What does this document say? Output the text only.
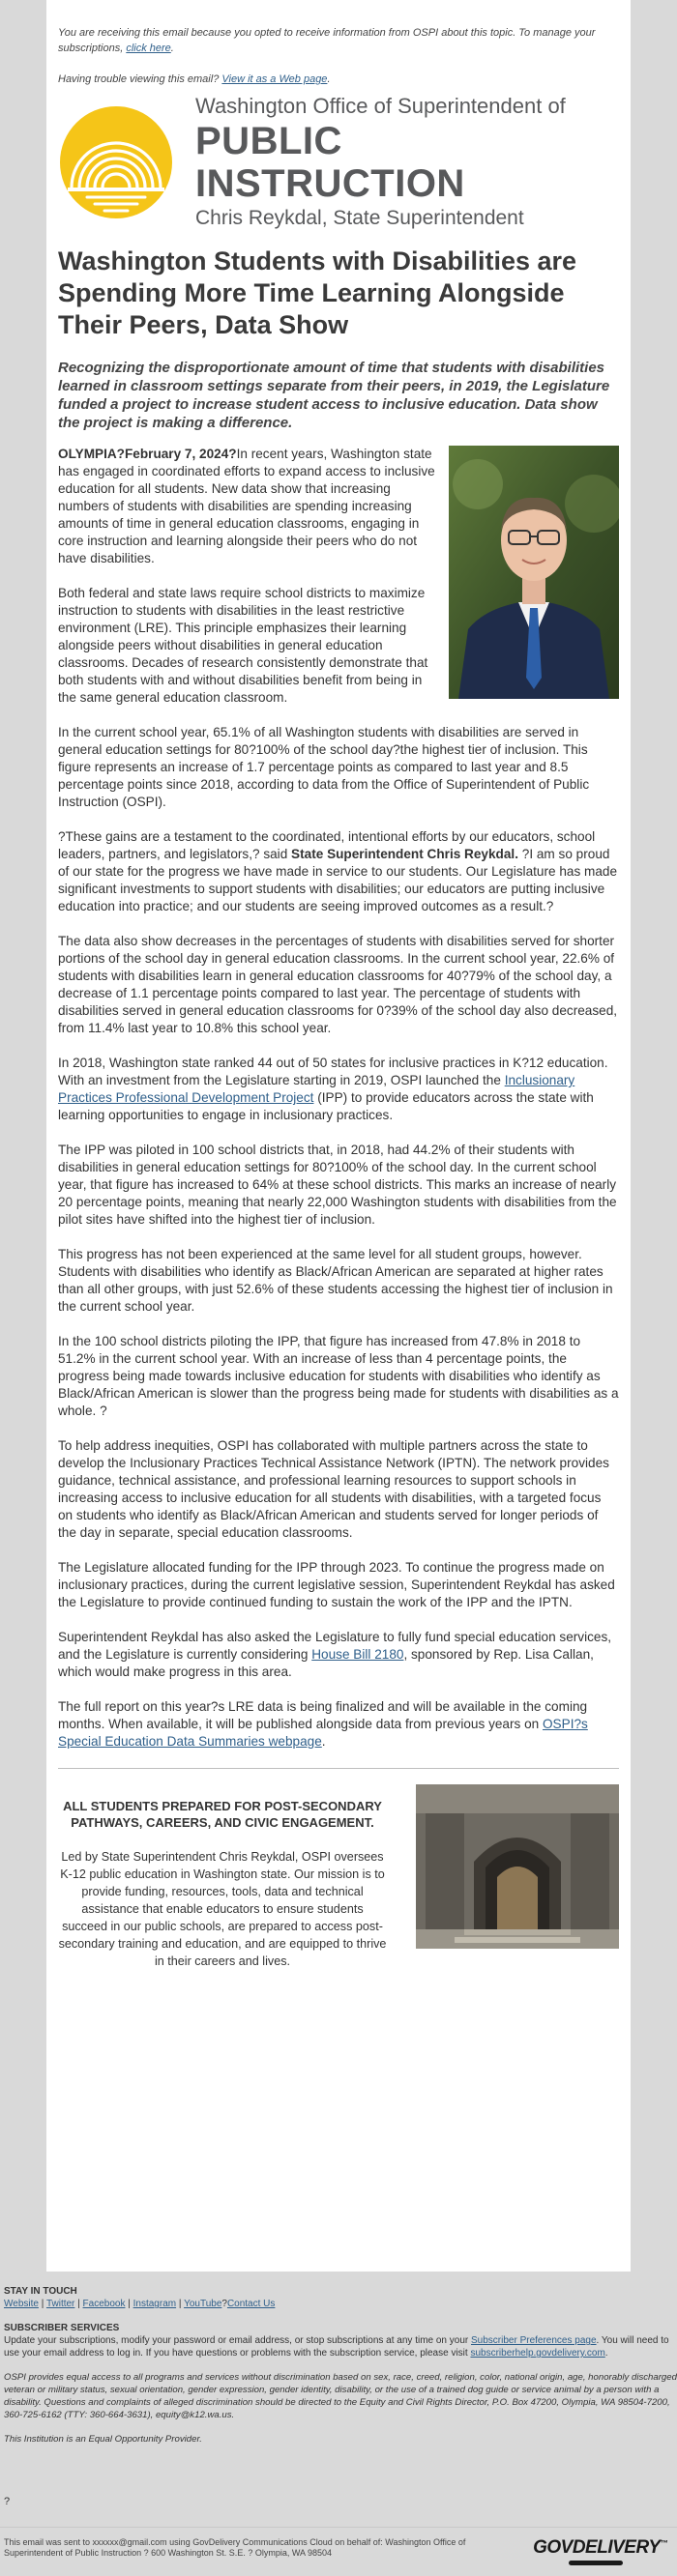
You are receiving this email because you opted to receive information from OSPI about this topic. To manage your subscriptions, click here.

Having trouble viewing this email? View it as a Web page.

Washington Office of Superintendent of
PUBLIC INSTRUCTION
Chris Reykdal, State Superintendent
Washington Students with Disabilities are Spending More Time Learning Alongside Their Peers, Data Show

Recognizing the disproportionate amount of time that students with disabilities learned in classroom settings separate from their peers, in 2019, the Legislature funded a project to increase student access to inclusive education. Data show the project is making a difference.

OLYMPIA?February 7, 2024?In recent years, Washington state has engaged in coordinated efforts to expand access to inclusive education for all students. New data show that increasing numbers of students with disabilities are spending increasing amounts of time in general education classrooms, engaging in core instruction and learning alongside their peers who do not have disabilities.

Both federal and state laws require school districts to maximize instruction to students with disabilities in the least restrictive environment (LRE). This principle emphasizes their learning alongside peers without disabilities in general education classrooms. Decades of research consistently demonstrate that both students with and without disabilities benefit from being in the same general education classroom.

In the current school year, 65.1% of all Washington students with disabilities are served in general education settings for 80?100% of the school day?the highest tier of inclusion. This figure represents an increase of 1.7 percentage points as compared to last year and 8.5 percentage points since 2018, according to data from the Office of Superintendent of Public Instruction (OSPI).

?These gains are a testament to the coordinated, intentional efforts by our educators, school leaders, partners, and legislators,? said State Superintendent Chris Reykdal. ?I am so proud of our state for the progress we have made in service to our students. Our Legislature has made significant investments to support students with disabilities; our educators are putting inclusive education into practice; and our students are seeing improved outcomes as a result.?

The data also show decreases in the percentages of students with disabilities served for shorter portions of the school day in general education classrooms. In the current school year, 22.6% of students with disabilities learn in general education classrooms for 40?79% of the school day, a decrease of 1.1 percentage points compared to last year. The percentage of students with disabilities served in general education classrooms for 0?39% of the school day also decreased, from 11.4% last year to 10.8% this school year.

In 2018, Washington state ranked 44 out of 50 states for inclusive practices in K?12 education. With an investment from the Legislature starting in 2019, OSPI launched the Inclusionary Practices Professional Development Project (IPP) to provide educators across the state with learning opportunities to engage in inclusionary practices.

The IPP was piloted in 100 school districts that, in 2018, had 44.2% of their students with disabilities in general education settings for 80?100% of the school day. In the current school year, that figure has increased to 64% at these school districts. This marks an increase of nearly 20 percentage points, meaning that nearly 22,000 Washington students with disabilities from the pilot sites have shifted into the highest tier of inclusion.

This progress has not been experienced at the same level for all student groups, however. Students with disabilities who identify as Black/African American are separated at higher rates than all other groups, with just 52.6% of these students accessing the highest tier of inclusion in the current school year.

In the 100 school districts piloting the IPP, that figure has increased from 47.8% in 2018 to 51.2% in the current school year. With an increase of less than 4 percentage points, the progress being made towards inclusive education for students with disabilities who identify as Black/African American is slower than the progress being made for students with disabilities as a whole. ?

To help address inequities, OSPI has collaborated with multiple partners across the state to develop the Inclusionary Practices Technical Assistance Network (IPTN). The network provides guidance, technical assistance, and professional learning resources to support schools in increasing access to inclusive education for all students with disabilities, with a targeted focus on students who identify as Black/African American and students served for longer periods of the day in separate, special education classrooms.

The Legislature allocated funding for the IPP through 2023. To continue the progress made on inclusionary practices, during the current legislative session, Superintendent Reykdal has asked the Legislature to provide continued funding to sustain the work of the IPP and the IPTN.

Superintendent Reykdal has also asked the Legislature to fully fund special education services, and the Legislature is currently considering House Bill 2180, sponsored by Rep. Lisa Callan, which would make progress in this area.

The full report on this year?s LRE data is being finalized and will be available in the coming months. When available, it will be published alongside data from previous years on OSPI?s Special Education Data Summaries webpage.

ALL STUDENTS PREPARED FOR POST-SECONDARY PATHWAYS, CAREERS, AND CIVIC ENGAGEMENT.

Led by State Superintendent Chris Reykdal, OSPI oversees K-12 public education in Washington state. Our mission is to provide funding, resources, tools, data and technical assistance that enable educators to ensure students succeed in our public schools, are prepared to access post-secondary training and education, and are equipped to thrive in their careers and lives.

STAY IN TOUCH

Website | Twitter | Facebook | Instagram | YouTube?Contact Us

SUBSCRIBER SERVICES

Update your subscriptions, modify your password or email address, or stop subscriptions at any time on your Subscriber Preferences page. You will need to use your email address to log in. If you have questions or problems with the subscription service, please visit subscriberhelp.govdelivery.com.

OSPI provides equal access to all programs and services without discrimination based on sex, race, creed, religion, color, national origin, age, honorably discharged veteran or military status, sexual orientation, gender expression, gender identity, disability, or the use of a trained dog guide or service animal by a person with a disability. Questions and complaints of alleged discrimination should be directed to the Equity and Civil Rights Director, P.O. Box 47200, Olympia, WA 98504-7200, 360-725-6162 (TTY: 360-664-3631), equity@k12.wa.us.

This Institution is an Equal Opportunity Provider.

?
This email was sent to xxxxxx@gmail.com using GovDelivery Communications Cloud on behalf of: Washington Office of Superintendent of Public Instruction ? 600 Washington St. S.E. ? Olympia, WA 98504	GOVDELIVERY™
